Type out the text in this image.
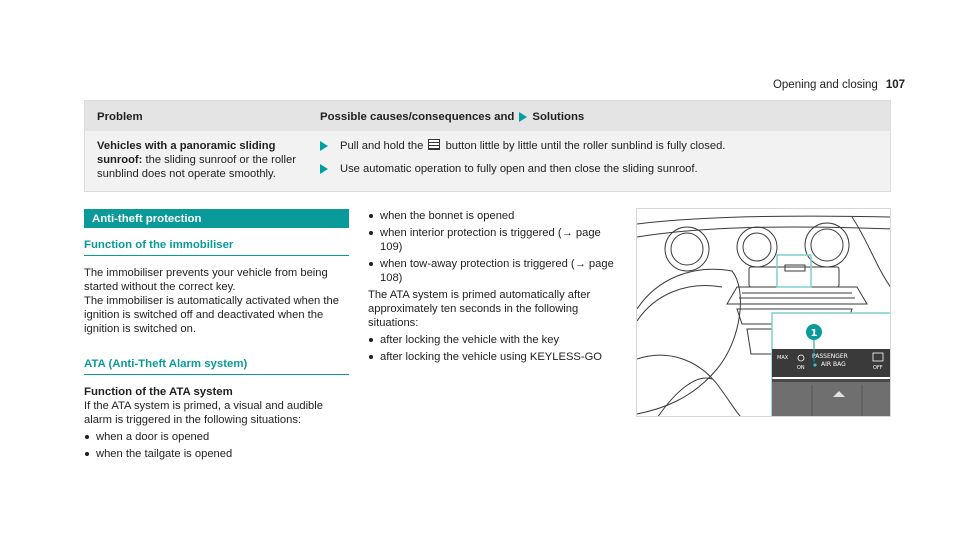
Opening and closing 107
Problem	Possible causes/consequences and Solutions
Vehicles with a panoramic sliding sunroof: the sliding sunroof or the roller sunblind does not operate smoothly.
Pull and hold the button little by little until the roller sunblind is fully closed.
Use automatic operation to fully open and then close the sliding sunroof.
Anti-theft protection
Function of the immobiliser

The immobiliser prevents your vehicle from being started without the correct key.

The immobiliser is automatically activated when the ignition is switched off and deactivated when the ignition is switched on.

ATA (Anti-Theft Alarm system)
Function of the ATA system

If the ATA system is primed, a visual and audible alarm is triggered in the following situations:

when a door is opened
when the tailgate is opened
when the bonnet is opened
when interior protection is triggered (→ page 109)
when tow-away protection is triggered (→ page 108)

The ATA system is primed automatically after approximately ten seconds in the following situations:

after locking the vehicle with the key
after locking the vehicle using KEYLESS-GO	MAX
ON
PASSENGER
AIR BAG	OFF
1
